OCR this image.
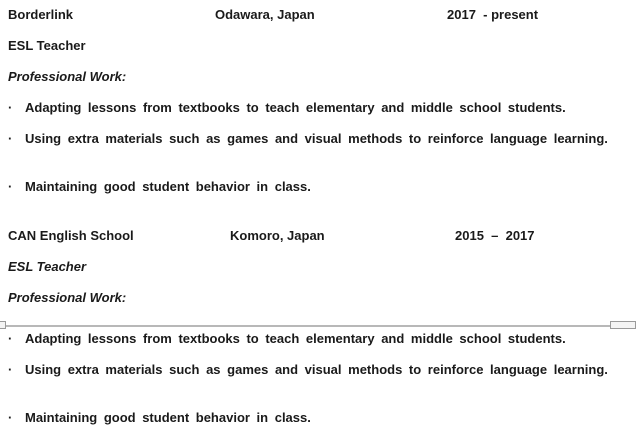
Borderlink	Odawara, Japan	2017  - present
ESL Teacher
Professional Work:
· Adapting lessons from textbooks to teach elementary and middle school students.
· Using extra materials such as games and visual methods to reinforce language learning.
· Maintaining good student behavior in class.
CAN English School	Komoro, Japan	2015  –  2017
ESL Teacher
Professional Work:
· Adapting lessons from textbooks to teach elementary and middle school students.
· Using extra materials such as games and visual methods to reinforce language learning.
· Maintaining good student behavior in class.
